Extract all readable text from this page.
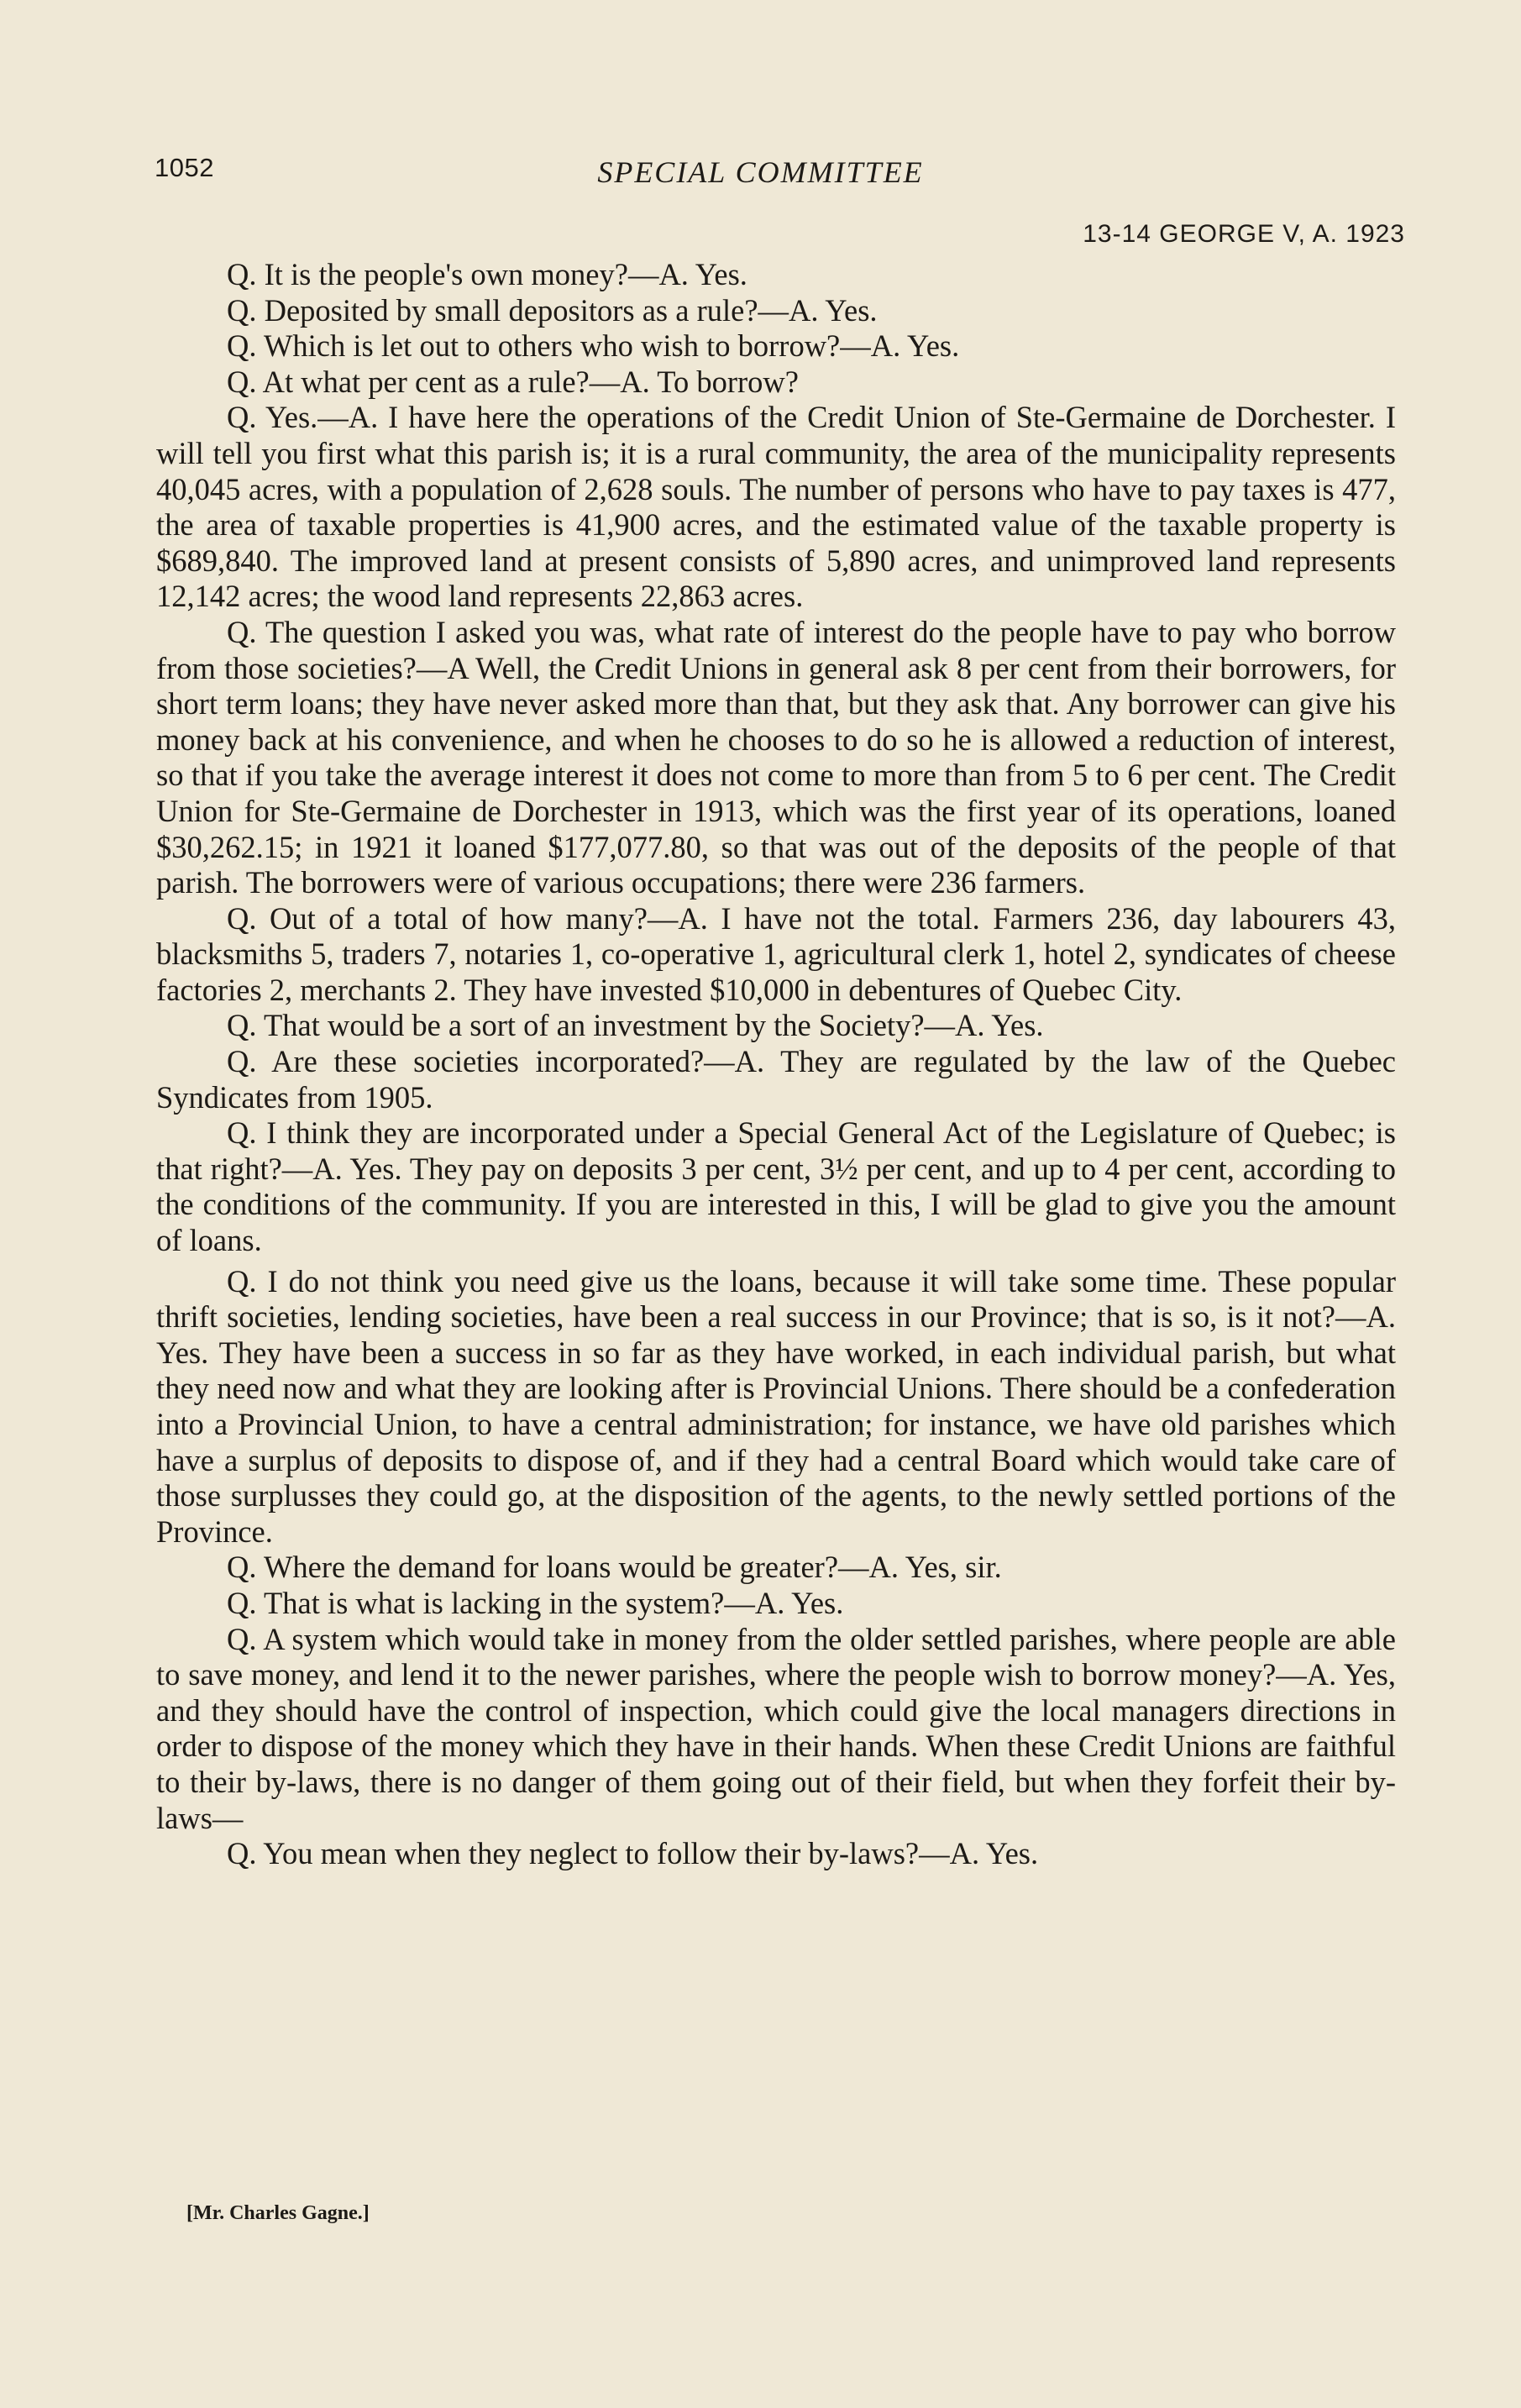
1052	SPECIAL COMMITTEE
13-14 GEORGE V, A. 1923

Q. It is the people's own money?—A. Yes.

Q. Deposited by small depositors as a rule?—A. Yes.

Q. Which is let out to others who wish to borrow?—A. Yes.

Q. At what per cent as a rule?—A. To borrow?

Q. Yes.—A. I have here the operations of the Credit Union of Ste-Germaine de Dorchester. I will tell you first what this parish is; it is a rural community, the area of the municipality represents 40,045 acres, with a population of 2,628 souls. The number of persons who have to pay taxes is 477, the area of taxable properties is 41,900 acres, and the estimated value of the taxable property is $689,840. The improved land at present consists of 5,890 acres, and unimproved land represents 12,142 acres; the wood land represents 22,863 acres.

Q. The question I asked you was, what rate of interest do the people have to pay who borrow from those societies?—A Well, the Credit Unions in general ask 8 per cent from their borrowers, for short term loans; they have never asked more than that, but they ask that. Any borrower can give his money back at his convenience, and when he chooses to do so he is allowed a reduction of interest, so that if you take the average interest it does not come to more than from 5 to 6 per cent. The Credit Union for Ste-Germaine de Dorchester in 1913, which was the first year of its operations, loaned $30,262.15; in 1921 it loaned $177,077.80, so that was out of the deposits of the people of that parish. The borrowers were of various occupations; there were 236 farmers.

Q. Out of a total of how many?—A. I have not the total. Farmers 236, day labourers 43, blacksmiths 5, traders 7, notaries 1, co-operative 1, agricultural clerk 1, hotel 2, syndicates of cheese factories 2, merchants 2. They have invested $10,000 in debentures of Quebec City.

Q. That would be a sort of an investment by the Society?—A. Yes.

Q. Are these societies incorporated?—A. They are regulated by the law of the Quebec Syndicates from 1905.

Q. I think they are incorporated under a Special General Act of the Legislature of Quebec; is that right?—A. Yes. They pay on deposits 3 per cent, 3½ per cent, and up to 4 per cent, according to the conditions of the community. If you are interested in this, I will be glad to give you the amount of loans.

Q. I do not think you need give us the loans, because it will take some time. These popular thrift societies, lending societies, have been a real success in our Province; that is so, is it not?—A. Yes. They have been a success in so far as they have worked, in each individual parish, but what they need now and what they are looking after is Provincial Unions. There should be a confederation into a Provincial Union, to have a central administration; for instance, we have old parishes which have a surplus of deposits to dispose of, and if they had a central Board which would take care of those surplusses they could go, at the disposition of the agents, to the newly settled portions of the Province.

Q. Where the demand for loans would be greater?—A. Yes, sir.

Q. That is what is lacking in the system?—A. Yes.

Q. A system which would take in money from the older settled parishes, where people are able to save money, and lend it to the newer parishes, where the people wish to borrow money?—A. Yes, and they should have the control of inspection, which could give the local managers directions in order to dispose of the money which they have in their hands. When these Credit Unions are faithful to their by-laws, there is no danger of them going out of their field, but when they forfeit their by-laws—

Q. You mean when they neglect to follow their by-laws?—A. Yes.

[Mr. Charles Gagne.]
